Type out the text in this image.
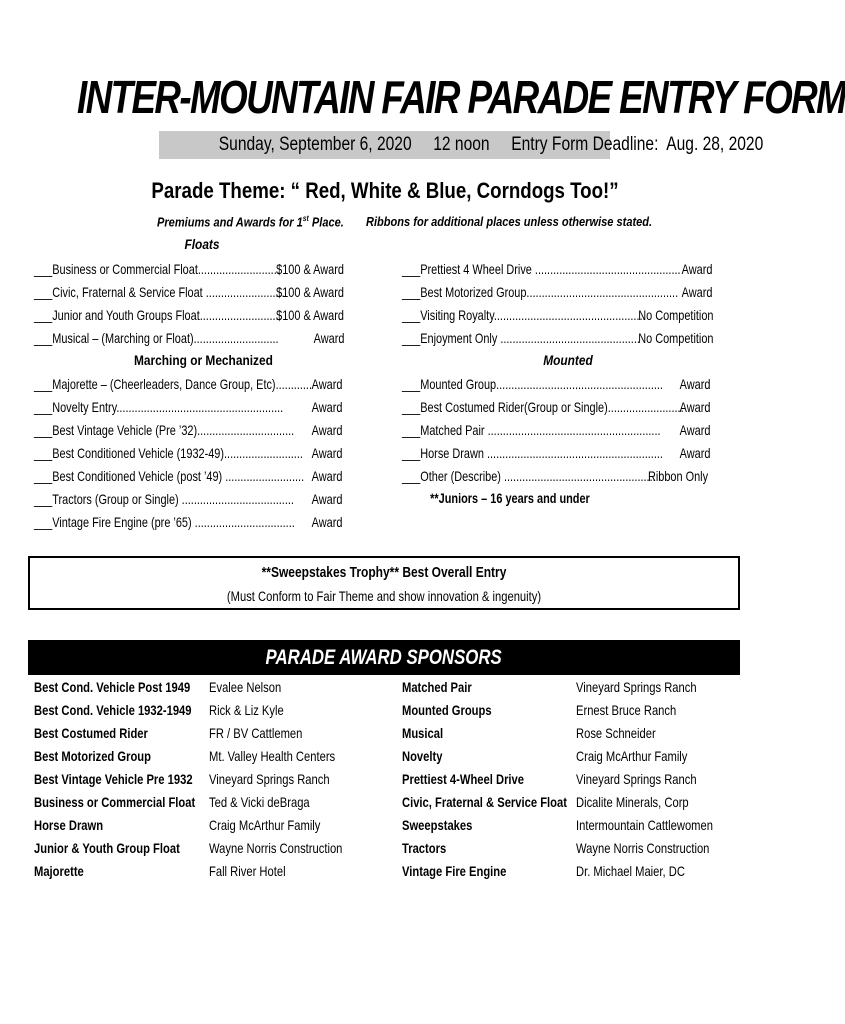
INTER-MOUNTAIN FAIR PARADE ENTRY FORM
Sunday, September 6, 2020     12 noon     Entry Form Deadline:  Aug. 28, 2020
Parade Theme: “ Red, White & Blue, Corndogs Too!”
Premiums and Awards for 1st Place. Ribbons for additional places unless otherwise stated.
Floats
___Business or Commercial Float...........................
$100 & Award
___Civic, Fraternal & Service Float ..........................
$100 & Award
___Junior and Youth Groups Float...........................
$100 & Award
___Musical – (Marching or Float)............................ Award
Marching or Mechanized
___Majorette – (Cheerleaders, Dance Group, Etc)............ Award
___Novelty Entry....................................................... Award
___Best Vintage Vehicle (Pre ’32)................................ Award
___Best Conditioned Vehicle (1932-49).......................... Award
___Best Conditioned Vehicle (post ’49) .......................... Award
___Tractors (Group or Single) ..................................... Award
___Vintage Fire Engine (pre ’65) ................................. Award
___Prettiest 4 Wheel Drive ................................................ Award
___Best Motorized Group.................................................. Award
___Visiting Royalty..................................................
No Competition
___Enjoyment Only ..............................................
No Competition
Mounted
___Mounted Group....................................................... Award
___Best Costumed Rider(Group or Single).........................
Award
___Matched Pair ......................................................... Award
___Horse Drawn .......................................................... Award
___Other (Describe) ..................................................
Ribbon Only
**Juniors – 16 years and under
**Sweepstakes Trophy** Best Overall Entry
(Must Conform to Fair Theme and show innovation & ingenuity)
PARADE AWARD SPONSORS
Best Cond. Vehicle Post 1949 Evalee Nelson
Best Cond. Vehicle 1932-1949 Rick & Liz Kyle
Best Costumed Rider	FR / BV Cattlemen
Best Motorized Group	Mt. Valley Health Centers
Best Vintage Vehicle Pre 1932 Vineyard Springs Ranch
Business or Commercial Float Ted & Vicki deBraga
Horse Drawn	Craig McArthur Family
Junior & Youth Group Float Wayne Norris Construction
Majorette	Fall River Hotel
Matched Pair	Vineyard Springs Ranch
Mounted Groups	Ernest Bruce Ranch
Musical	Rose Schneider
Novelty	Craig McArthur Family
Prettiest 4-Wheel Drive	Vineyard Springs Ranch
Civic, Fraternal & Service Float Dicalite Minerals, Corp
Sweepstakes	Intermountain Cattlewomen
Tractors	Wayne Norris Construction
Vintage Fire Engine	Dr. Michael Maier, DC
